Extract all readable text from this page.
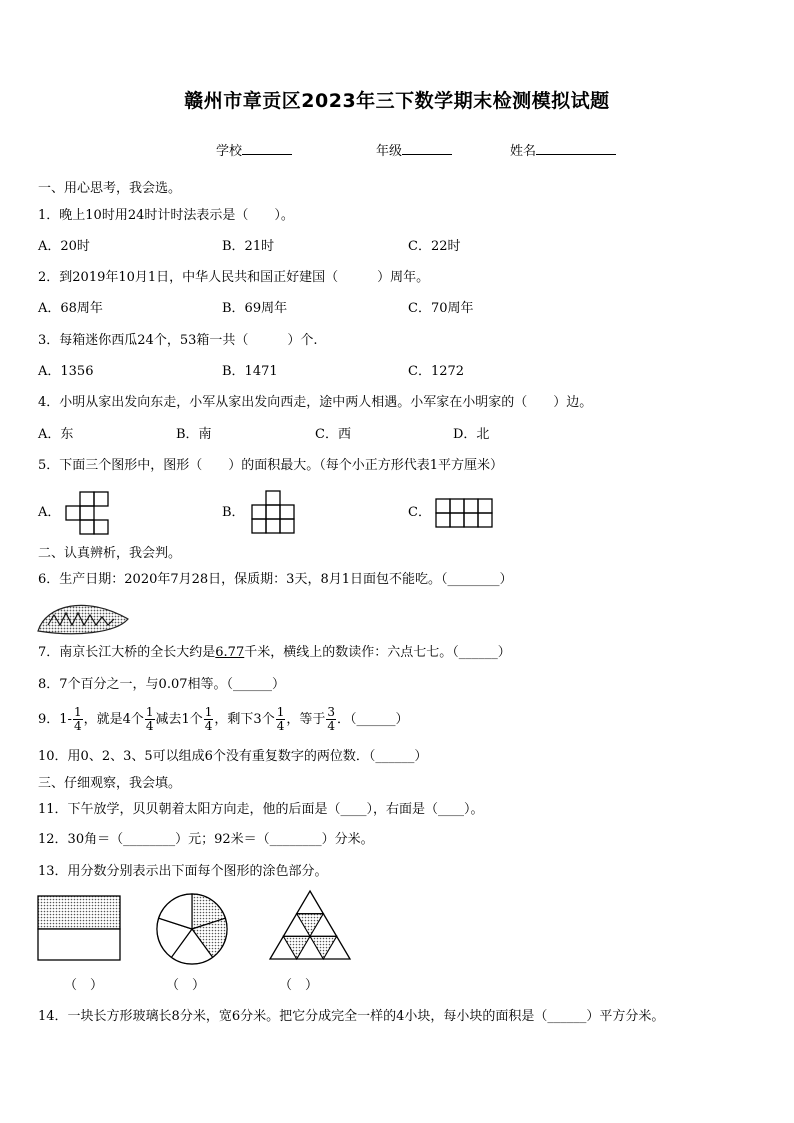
赣州市章贡区2023年三下数学期末检测模拟试题
学校	年级	姓名
一、用心思考，我会选。
1．晚上10时用24时计时法表示是（　　）。
A．20时	B．21时	C．22时
2．到2019年10月1日，中华人民共和国正好建国（　　　）周年。
A．68周年	B．69周年	C．70周年
3．每箱迷你西瓜24个，53箱一共（　　　）个.
A．1356	B．1471	C．1272
4．小明从家出发向东走，小军从家出发向西走，途中两人相遇。小军家在小明家的（　　）边。
A．东	B．南	C．西	D．北
5．下面三个图形中，图形（　　）的面积最大。（每个小正方形代表1平方厘米）
A．	B．	C．
二、认真辨析，我会判。
6．生产日期：2020年7月28日，保质期：3天，8月1日面包不能吃。（________）
7．南京长江大桥的全长大约是6.77千米，横线上的数读作：六点七七。（______）
8．7个百分之一，与0.07相等。（______）
9．$1- \frac{1}{4}$ ，就是4个 $\frac{1}{4}$ 减去1个 $\frac{1}{4}$ ，剩下3个 $\frac{1}{4}$ ，等于 $\frac{3}{4}$ ．（______）
10．用0、2、3、5可以组成6个没有重复数字的两位数．（______）
三、仔细观察，我会填。
11．下午放学，贝贝朝着太阳方向走，他的后面是（____），右面是（____）。
12．30角＝（________）元；92米＝（________）分米。
13．用分数分别表示出下面每个图形的涂色部分。
（　）	（　）	（　）
14．一块长方形玻璃长8分米，宽6分米。把它分成完全一样的4小块，每小块的面积是（______）平方分米。
